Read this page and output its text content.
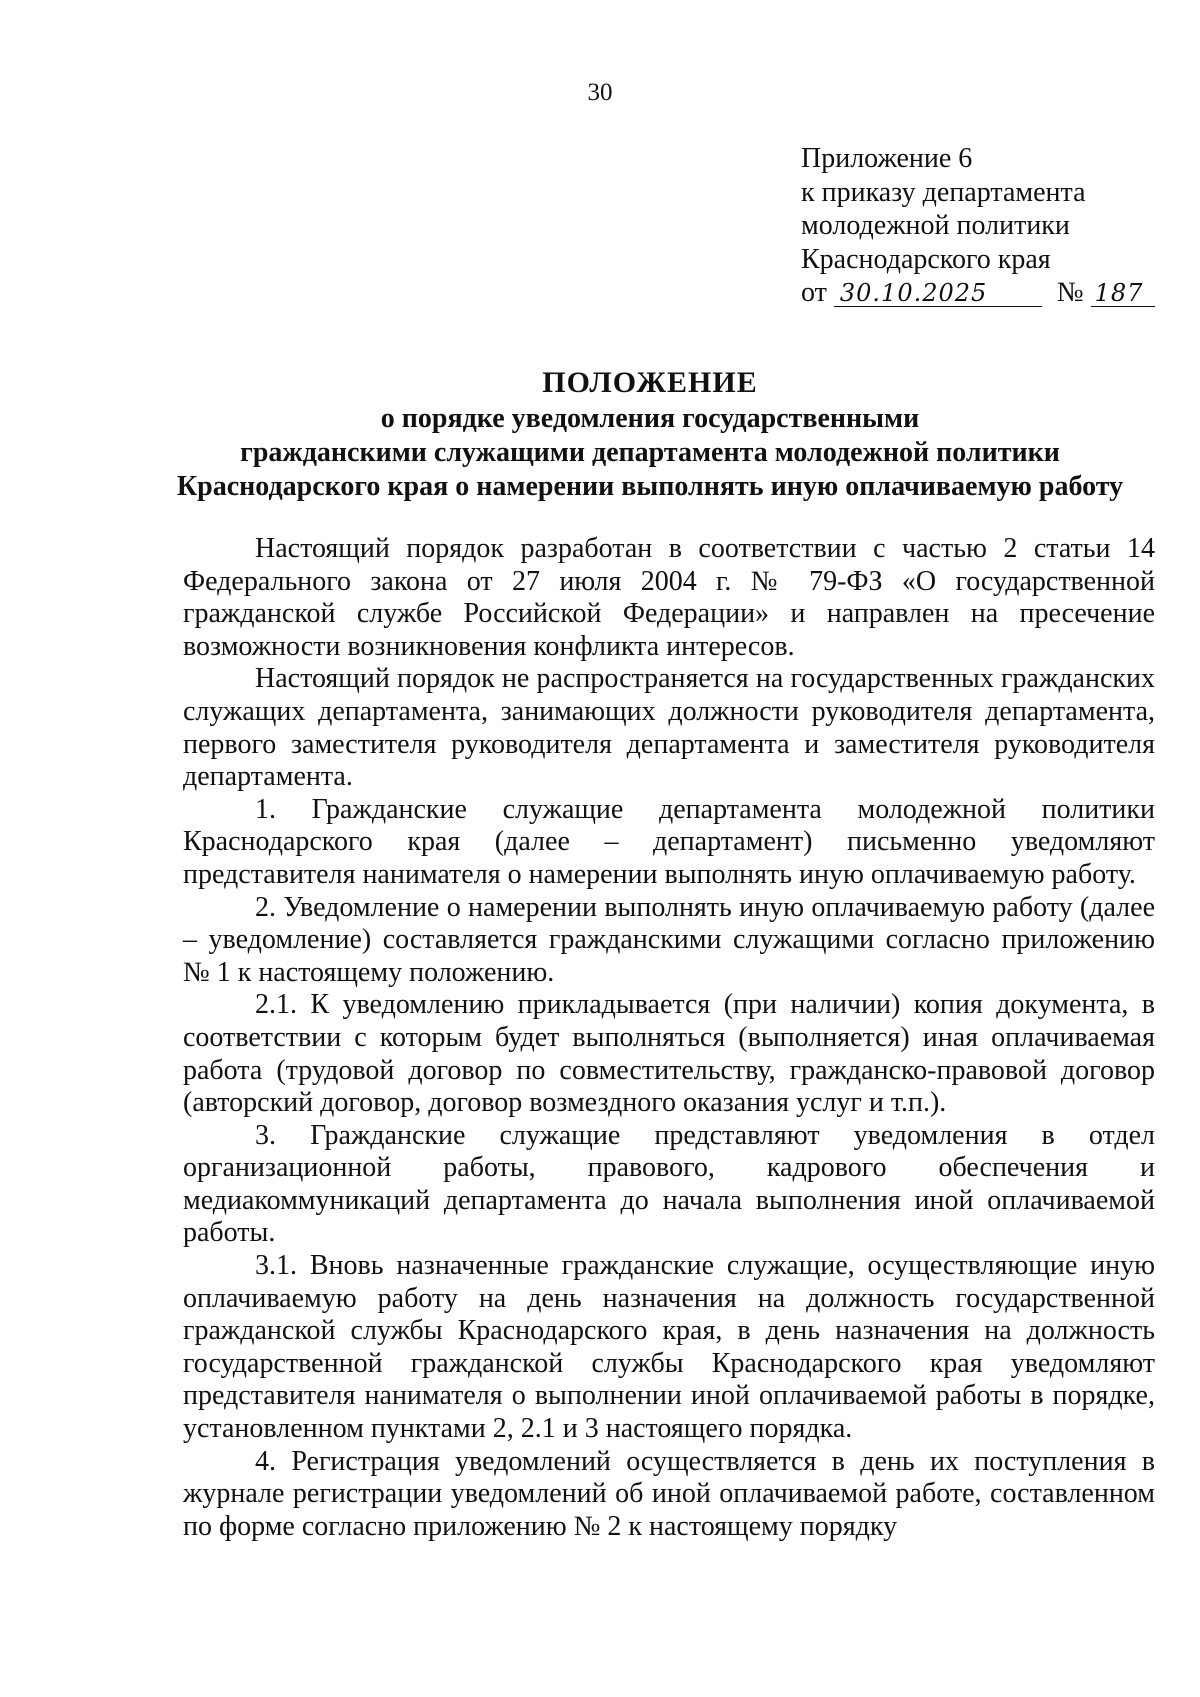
30
Приложение 6
к приказу департамента
молодежной политики
Краснодарского края
от 30.10.2025 № 187
ПОЛОЖЕНИЕ
о порядке уведомления государственными
гражданскими служащими департамента молодежной политики
Краснодарского края о намерении выполнять иную оплачиваемую работу

Настоящий порядок разработан в соответствии с частью 2 статьи 14 Федерального закона от 27 июля 2004 г. № 79-ФЗ «О государственной гражданской службе Российской Федерации» и направлен на пресечение возможности возникновения конфликта интересов.

Настоящий порядок не распространяется на государственных гражданских служащих департамента, занимающих должности руководителя департамента, первого заместителя руководителя департамента и заместителя руководителя департамента.

1. Гражданские служащие департамента молодежной политики Краснодарского края (далее – департамент) письменно уведомляют представителя нанимателя о намерении выполнять иную оплачиваемую работу.

2. Уведомление о намерении выполнять иную оплачиваемую работу (далее – уведомление) составляется гражданскими служащими согласно приложению № 1 к настоящему положению.

2.1. К уведомлению прикладывается (при наличии) копия документа, в соответствии с которым будет выполняться (выполняется) иная оплачиваемая работа (трудовой договор по совместительству, гражданско-правовой договор (авторский договор, договор возмездного оказания услуг и т.п.).

3. Гражданские служащие представляют уведомления в отдел организационной работы, правового, кадрового обеспечения и медиакоммуникаций департамента до начала выполнения иной оплачиваемой работы.

3.1. Вновь назначенные гражданские служащие, осуществляющие иную оплачиваемую работу на день назначения на должность государственной гражданской службы Краснодарского края, в день назначения на должность государственной гражданской службы Краснодарского края уведомляют представителя нанимателя о выполнении иной оплачиваемой работы в порядке, установленном пунктами 2, 2.1 и 3 настоящего порядка.

4. Регистрация уведомлений осуществляется в день их поступления в журнале регистрации уведомлений об иной оплачиваемой работе, составленном по форме согласно приложению № 2 к настоящему порядку
